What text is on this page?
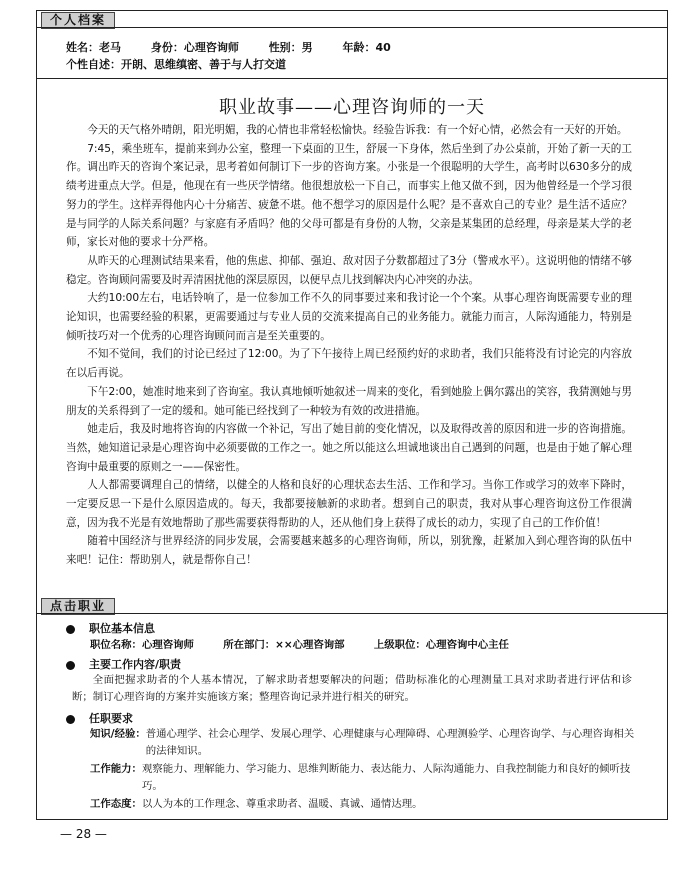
个人档案
姓名：老马	身份：心理咨询师	性别：男	年龄：40
个性自述：开朗、思维缜密、善于与人打交道
职业故事——心理咨询师的一天

今天的天气格外晴朗，阳光明媚，我的心情也非常轻松愉快。经验告诉我：有一个好心情，必然会有一天好的开始。

7:45，乘坐班车，提前来到办公室，整理一下桌面的卫生，舒展一下身体，然后坐到了办公桌前，开始了新一天的工作。调出昨天的咨询个案记录，思考着如何制订下一步的咨询方案。小张是一个很聪明的大学生，高考时以630多分的成绩考进重点大学。但是，他现在有一些厌学情绪。他很想放松一下自己，而事实上他又做不到，因为他曾经是一个学习很努力的学生。这样弄得他内心十分痛苦、疲惫不堪。他不想学习的原因是什么呢？是不喜欢自己的专业？是生活不适应？是与同学的人际关系问题？与家庭有矛盾吗？他的父母可都是有身份的人物，父亲是某集团的总经理，母亲是某大学的老师，家长对他的要求十分严格。

从昨天的心理测试结果来看，他的焦虑、抑郁、强迫、敌对因子分数都超过了3分（警戒水平）。这说明他的情绪不够稳定。咨询顾问需要及时弄清困扰他的深层原因，以便早点儿找到解决内心冲突的办法。

大约10:00左右，电话铃响了，是一位参加工作不久的同事要过来和我讨论一个个案。从事心理咨询既需要专业的理论知识，也需要经验的积累，更需要通过与专业人员的交流来提高自己的业务能力。就能力而言，人际沟通能力，特别是倾听技巧对一个优秀的心理咨询顾问而言是至关重要的。

不知不觉间，我们的讨论已经过了12:00。为了下午接待上周已经预约好的求助者，我们只能将没有讨论完的内容放在以后再说。

下午2:00，她准时地来到了咨询室。我认真地倾听她叙述一周来的变化，看到她脸上偶尔露出的笑容，我猜测她与男朋友的关系得到了一定的缓和。她可能已经找到了一种较为有效的改进措施。

她走后，我及时地将咨询的内容做一个补记，写出了她目前的变化情况，以及取得改善的原因和进一步的咨询措施。当然，她知道记录是心理咨询中必须要做的工作之一。她之所以能这么坦诚地谈出自己遇到的问题，也是由于她了解心理咨询中最重要的原则之一——保密性。

人人都需要调理自己的情绪，以健全的人格和良好的心理状态去生活、工作和学习。当你工作或学习的效率下降时，一定要反思一下是什么原因造成的。每天，我都要接触新的求助者。想到自己的职责，我对从事心理咨询这份工作很满意，因为我不光是有效地帮助了那些需要获得帮助的人，还从他们身上获得了成长的动力，实现了自己的工作价值！

随着中国经济与世界经济的同步发展，会需要越来越多的心理咨询师，所以，别犹豫，赶紧加入到心理咨询的队伍中来吧！记住：帮助别人，就是帮你自己！

点击职业
职位基本信息
职位名称：心理咨询师	所在部门：××心理咨询部	上级职位：心理咨询中心主任
主要工作内容/职责
全面把握求助者的个人基本情况，了解求助者想要解决的问题；借助标准化的心理测量工具对求助者进行评估和诊断；制订心理咨询的方案并实施该方案；整理咨询记录并进行相关的研究。
任职要求
知识/经验： 普通心理学、社会心理学、发展心理学、心理健康与心理障碍、心理测验学、心理咨询学、与心理咨询相关的法律知识。
工作能力： 观察能力、理解能力、学习能力、思维判断能力、表达能力、人际沟通能力、自我控制能力和良好的倾听技巧。
工作态度： 以人为本的工作理念、尊重求助者、温暖、真诚、通情达理。
— 28 —
